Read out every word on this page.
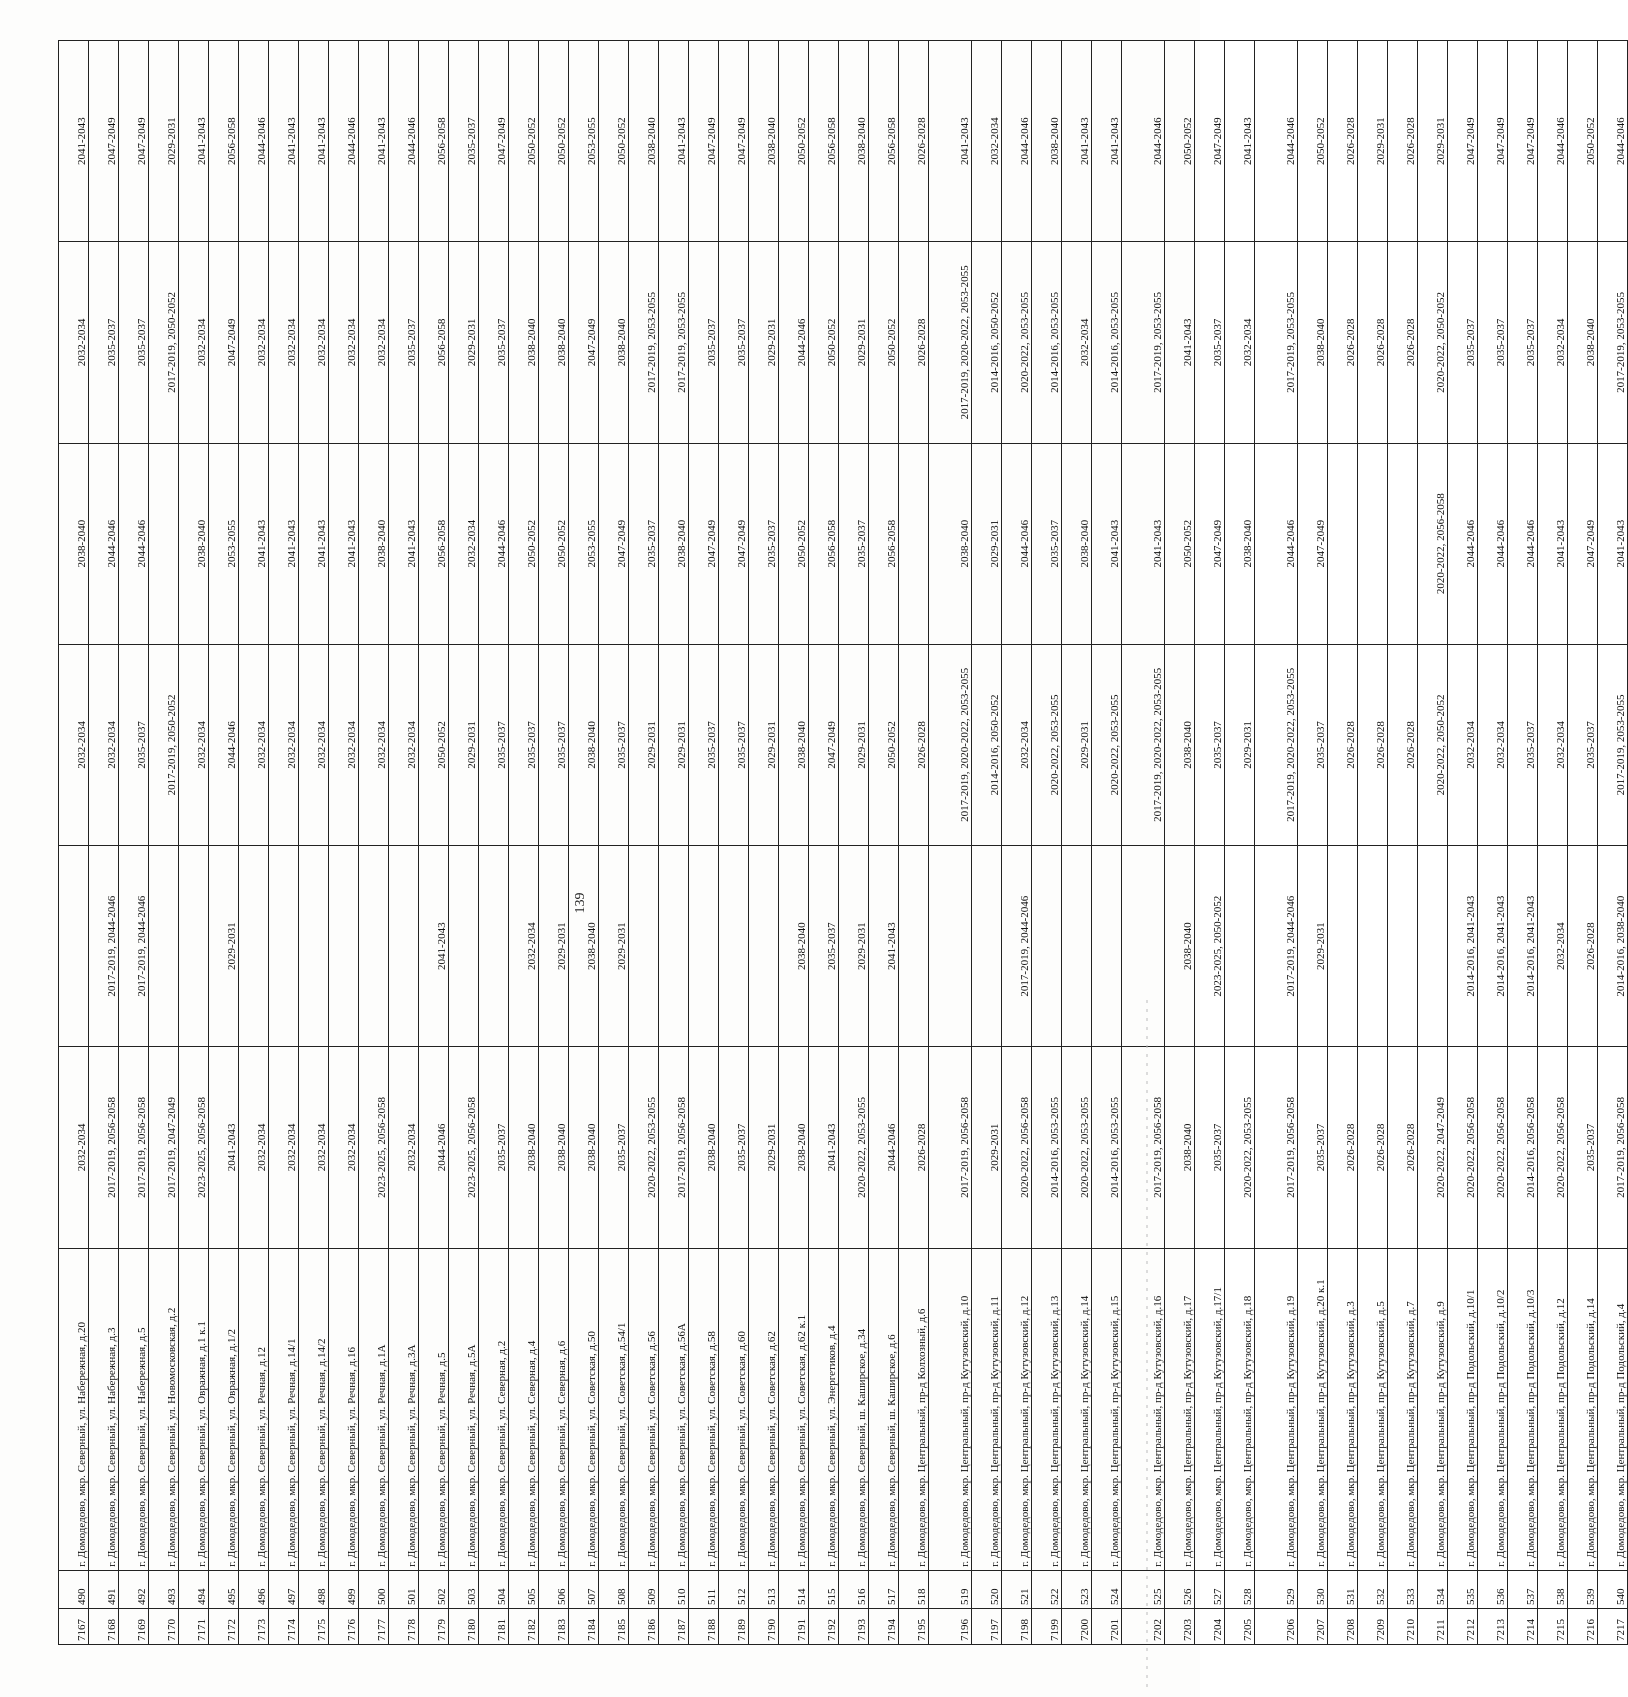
7167	490	г. Домодедово, мкр. Северный, ул. Набережная, д.20	2032-2034		2032-2034	2038-2040	2032-2034	2041-2043
7168	491	г. Домодедово, мкр. Северный, ул. Набережная, д.3	2017-2019, 2056-2058	2017-2019, 2044-2046	2032-2034	2044-2046	2035-2037	2047-2049
7169	492	г. Домодедово, мкр. Северный, ул. Набережная, д.5	2017-2019, 2056-2058	2017-2019, 2044-2046	2035-2037	2044-2046	2035-2037	2047-2049
7170	493	г. Домодедово, мкр. Северный, ул. Новомосковская, д.2	2017-2019, 2047-2049		2017-2019, 2050-2052		2017-2019, 2050-2052	2029-2031
7171	494	г. Домодедово, мкр. Северный, ул. Овражная, д.1 к.1	2023-2025, 2056-2058		2032-2034	2038-2040	2032-2034	2041-2043
7172	495	г. Домодедово, мкр. Северный, ул. Овражная, д.1/2	2041-2043	2029-2031	2044-2046	2053-2055	2047-2049	2056-2058
7173	496	г. Домодедово, мкр. Северный, ул. Речная, д.12	2032-2034		2032-2034	2041-2043	2032-2034	2044-2046
7174	497	г. Домодедово, мкр. Северный, ул. Речная, д.14/1	2032-2034		2032-2034	2041-2043	2032-2034	2041-2043
7175	498	г. Домодедово, мкр. Северный, ул. Речная, д.14/2	2032-2034		2032-2034	2041-2043	2032-2034	2041-2043
7176	499	г. Домодедово, мкр. Северный, ул. Речная, д.16	2032-2034		2032-2034	2041-2043	2032-2034	2044-2046
7177	500	г. Домодедово, мкр. Северный, ул. Речная, д.1А	2023-2025, 2056-2058		2032-2034	2038-2040	2032-2034	2041-2043
7178	501	г. Домодедово, мкр. Северный, ул. Речная, д.3А	2032-2034		2032-2034	2041-2043	2035-2037	2044-2046
7179	502	г. Домодедово, мкр. Северный, ул. Речная, д.5	2044-2046	2041-2043	2050-2052	2056-2058	2056-2058	2056-2058
7180	503	г. Домодедово, мкр. Северный, ул. Речная, д.5А	2023-2025, 2056-2058		2029-2031	2032-2034	2029-2031	2035-2037
7181	504	г. Домодедово, мкр. Северный, ул. Северная, д.2	2035-2037		2035-2037	2044-2046	2035-2037	2047-2049
7182	505	г. Домодедово, мкр. Северный, ул. Северная, д.4	2038-2040	2032-2034	2035-2037	2050-2052	2038-2040	2050-2052
7183	506	г. Домодедово, мкр. Северный, ул. Северная, д.6	2038-2040	2029-2031	2035-2037	2050-2052	2038-2040	2050-2052
7184	507	г. Домодедово, мкр. Северный, ул. Советская, д.50	2038-2040	2038-2040	2038-2040	2053-2055	2047-2049	2053-2055
7185	508	г. Домодедово, мкр. Северный, ул. Советская, д.54/1	2035-2037	2029-2031	2035-2037	2047-2049	2038-2040	2050-2052
7186	509	г. Домодедово, мкр. Северный, ул. Советская, д.56	2020-2022, 2053-2055		2029-2031	2035-2037	2017-2019, 2053-2055	2038-2040
7187	510	г. Домодедово, мкр. Северный, ул. Советская, д.56А	2017-2019, 2056-2058		2029-2031	2038-2040	2017-2019, 2053-2055	2041-2043
7188	511	г. Домодедово, мкр. Северный, ул. Советская, д.58	2038-2040		2035-2037	2047-2049	2035-2037	2047-2049
7189	512	г. Домодедово, мкр. Северный, ул. Советская, д.60	2035-2037		2035-2037	2047-2049	2035-2037	2047-2049
7190	513	г. Домодедово, мкр. Северный, ул. Советская, д.62	2029-2031		2029-2031	2035-2037	2029-2031	2038-2040
7191	514	г. Домодедово, мкр. Северный, ул. Советская, д.62 к.1	2038-2040	2038-2040	2038-2040	2050-2052	2044-2046	2050-2052
7192	515	г. Домодедово, мкр. Северный, ул. Энергетиков, д.4	2041-2043	2035-2037	2047-2049	2056-2058	2050-2052	2056-2058
7193	516	г. Домодедово, мкр. Северный, ш. Каширское, д.34	2020-2022, 2053-2055	2029-2031	2029-2031	2035-2037	2029-2031	2038-2040
7194	517	г. Домодедово, мкр. Северный, ш. Каширское, д.6	2044-2046	2041-2043	2050-2052	2056-2058	2050-2052	2056-2058
7195	518	г. Домодедово, мкр. Центральный, пр-д Колхозный, д.6	2026-2028		2026-2028		2026-2028	2026-2028
7196	519	г. Домодедово, мкр. Центральный, пр-д Кутузовский, д.10	2017-2019, 2056-2058		2017-2019, 2020-2022, 2053-2055	2038-2040	2017-2019, 2020-2022, 2053-2055	2041-2043
7197	520	г. Домодедово, мкр. Центральный, пр-д Кутузовский, д.11	2029-2031		2014-2016, 2050-2052	2029-2031	2014-2016, 2050-2052	2032-2034
7198	521	г. Домодедово, мкр. Центральный, пр-д Кутузовский, д.12	2020-2022, 2056-2058	2017-2019, 2044-2046	2032-2034	2044-2046	2020-2022, 2053-2055	2044-2046
7199	522	г. Домодедово, мкр. Центральный, пр-д Кутузовский, д.13	2014-2016, 2053-2055		2020-2022, 2053-2055	2035-2037	2014-2016, 2053-2055	2038-2040
7200	523	г. Домодедово, мкр. Центральный, пр-д Кутузовский, д.14	2020-2022, 2053-2055		2029-2031	2038-2040	2032-2034	2041-2043
7201	524	г. Домодедово, мкр. Центральный, пр-д Кутузовский, д.15	2014-2016, 2053-2055		2020-2022, 2053-2055	2041-2043	2014-2016, 2053-2055	2041-2043
7202	525	г. Домодедово, мкр. Центральный, пр-д Кутузовский, д.16	2017-2019, 2056-2058		2017-2019, 2020-2022, 2053-2055	2041-2043	2017-2019, 2053-2055	2044-2046
7203	526	г. Домодедово, мкр. Центральный, пр-д Кутузовский, д.17	2038-2040	2038-2040	2038-2040	2050-2052	2041-2043	2050-2052
7204	527	г. Домодедово, мкр. Центральный, пр-д Кутузовский, д.17/1	2035-2037	2023-2025, 2050-2052	2035-2037	2047-2049	2035-2037	2047-2049
7205	528	г. Домодедово, мкр. Центральный, пр-д Кутузовский, д.18	2020-2022, 2053-2055		2029-2031	2038-2040	2032-2034	2041-2043
7206	529	г. Домодедово, мкр. Центральный, пр-д Кутузовский, д.19	2017-2019, 2056-2058	2017-2019, 2044-2046	2017-2019, 2020-2022, 2053-2055	2044-2046	2017-2019, 2053-2055	2044-2046
7207	530	г. Домодедово, мкр. Центральный, пр-д Кутузовский, д.20 к.1	2035-2037	2029-2031	2035-2037	2047-2049	2038-2040	2050-2052
7208	531	г. Домодедово, мкр. Центральный, пр-д Кутузовский, д.3	2026-2028		2026-2028		2026-2028	2026-2028
7209	532	г. Домодедово, мкр. Центральный, пр-д Кутузовский, д.5	2026-2028		2026-2028		2026-2028	2029-2031
7210	533	г. Домодедово, мкр. Центральный, пр-д Кутузовский, д.7	2026-2028		2026-2028		2026-2028	2026-2028
7211	534	г. Домодедово, мкр. Центральный, пр-д Кутузовский, д.9	2020-2022, 2047-2049		2020-2022, 2050-2052	2020-2022, 2056-2058	2020-2022, 2050-2052	2029-2031
7212	535	г. Домодедово, мкр. Центральный, пр-д Подольский, д.10/1	2020-2022, 2056-2058	2014-2016, 2041-2043	2032-2034	2044-2046	2035-2037	2047-2049
7213	536	г. Домодедово, мкр. Центральный, пр-д Подольский, д.10/2	2020-2022, 2056-2058	2014-2016, 2041-2043	2032-2034	2044-2046	2035-2037	2047-2049
7214	537	г. Домодедово, мкр. Центральный, пр-д Подольский, д.10/3	2014-2016, 2056-2058	2014-2016, 2041-2043	2035-2037	2044-2046	2035-2037	2047-2049
7215	538	г. Домодедово, мкр. Центральный, пр-д Подольский, д.12	2020-2022, 2056-2058	2032-2034	2032-2034	2041-2043	2032-2034	2044-2046
7216	539	г. Домодедово, мкр. Центральный, пр-д Подольский, д.14	2035-2037	2026-2028	2035-2037	2047-2049	2038-2040	2050-2052
7217	540	г. Домодедово, мкр. Центральный, пр-д Подольский, д.4	2017-2019, 2056-2058	2014-2016, 2038-2040	2017-2019, 2053-2055	2041-2043	2017-2019, 2053-2055	2044-2046
139
